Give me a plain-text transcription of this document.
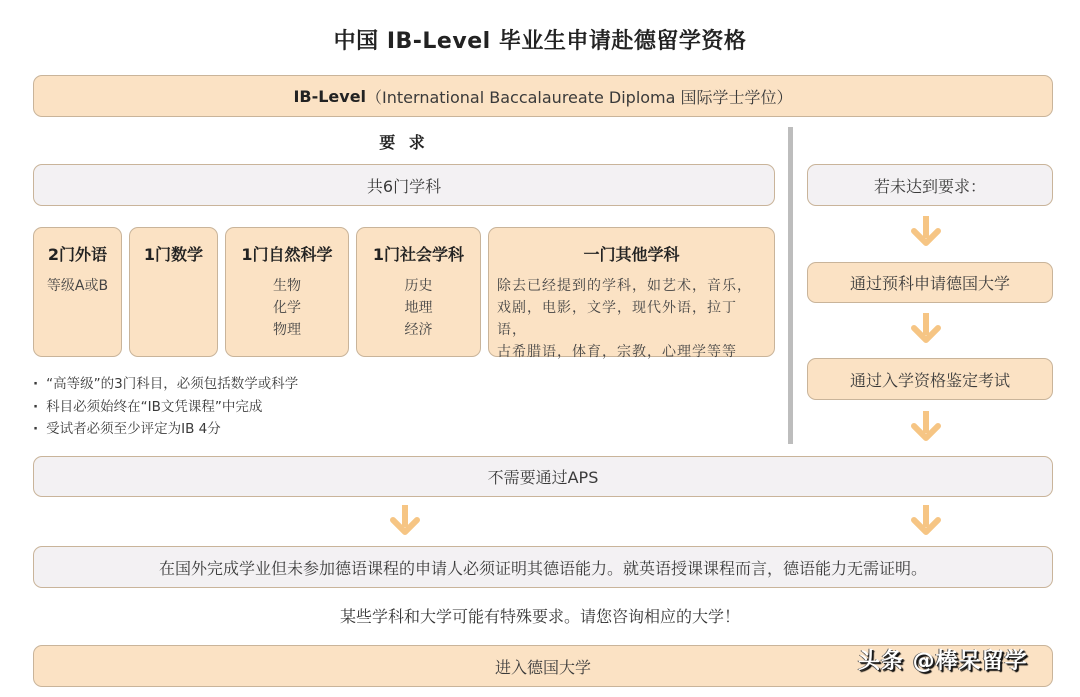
中国 IB-Level 毕业生申请赴德留学资格
IB-Level （International Baccalaureate Diploma 国际学士学位）
要 求
共6门学科
2门外语
等级A或B
1门数学 1门自然科学
生物
化学
物理
1门社会学科
历史
地理
经济
一门其他学科
除去已经提到的学科，如艺术，音乐，
戏剧，电影，文学，现代外语，拉丁语，
古希腊语，体育，宗教，心理学等等
· “高等级”的3门科目，必须包括数学或科学
· 科目必须始终在“IB文凭课程”中完成
· 受试者必须至少评定为IB 4分
若未达到要求：
通过预科申请德国大学
通过入学资格鉴定考试
不需要通过APS
在国外完成学业但未参加德语课程的申请人必须证明其德语能力。就英语授课课程而言，德语能力无需证明。
某些学科和大学可能有特殊要求。请您咨询相应的大学！
进入德国大学	头条 @棒呆留学
